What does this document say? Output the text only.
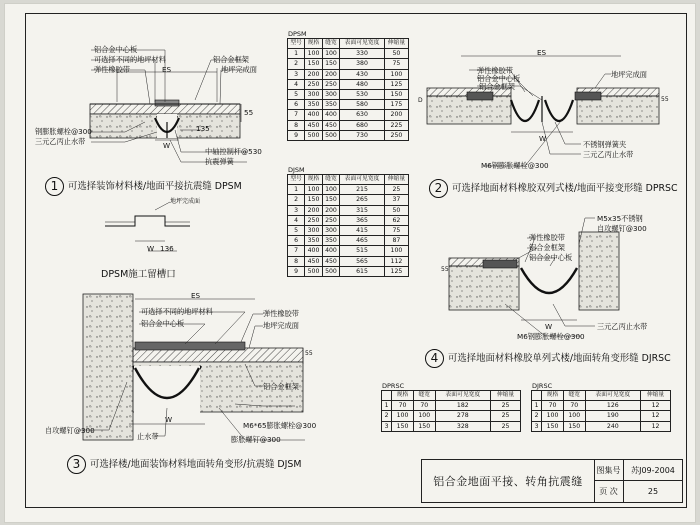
铝合金中心板
可选择不同的地坪材料
弹性橡胶带	ES
铝合金框架
地坪完成面
钢膨胀螺栓@300
三元乙丙止水带
135
中轴控制杆@530
抗震弹簧
W
55
地坪完成面
W 136
DPSM施工留槽口
ES
弹性橡胶带
铝合金中心板
铝合金框架
地坪完成面
不锈钢弹簧夹
三元乙丙止水带
M6钢膨胀螺栓@300
W
D	55
ES
可选择不同的地坪材料
铝合金中心板
弹性橡胶带
地坪完成面
铝合金框架
M6*65膨胀螺栓@300
膨胀螺钉@300
自攻螺钉@300
止水带
W
55
M5x35不锈钢
自攻螺钉@300
弹性橡胶带
铝合金框架
铝合金中心板
三元乙丙止水带
M6钢膨胀螺栓@300
W
55
1 可选择装饰材料楼/地面平接抗震缝 DPSM	2 可选择地面材料橡胶双列式楼/地面平接变形缝 DPRSC
3 可选择楼/地面装饰材料地面转角变形/抗震缝 DJSM
4 可选择地面材料橡胶单列式楼/地面转角变形缝 DJRSC
DPSM
型号	规格	缝宽	表面可见宽度	伸缩量
1	100	100	330	50
2	150	150	380	75
3	200	200	430	100
4	250	250	480	125
5	300	300	530	150
6	350	350	580	175
7	400	400	630	200
8	450	450	680	225
9	500	500	730	250
DJSM
型号	规格	缝宽	表面可见宽度	伸缩量
1	100	100	215	25
2	150	150	265	37
3	200	200	315	50
4	250	250	365	62
5	300	300	415	75
6	350	350	465	87
7	400	400	515	100
8	450	450	565	112
9	500	500	615	125
DPRSC
	规格	缝宽	表面可见宽度	伸缩量
1	70	70	182	25
2	100	100	278	25
3	150	150	328	25
DJRSC
	规格	缝宽	表面可见宽度	伸缩量
1	70	70	126	12
2	100	100	190	12
3	150	150	240	12
铝合金地面平接、转角抗震缝
图集号	苏J09-2004
页 次	25
